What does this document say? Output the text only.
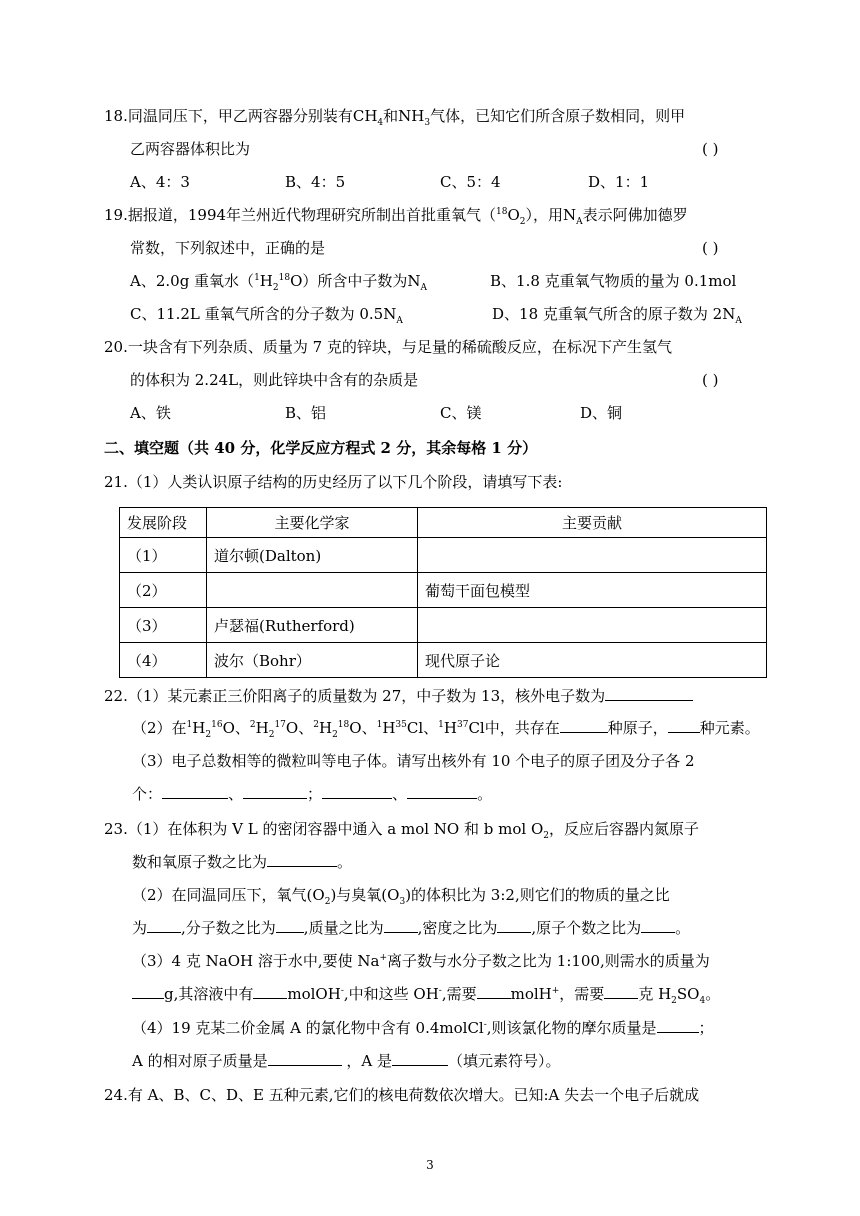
18.同温同压下，甲乙两容器分别装有$CH_4$和$NH_3$气体，已知它们所含原子数相同，则甲
乙两容器体积比为	( )
A、4：3	B、4：5	C、5：4	D、1：1
19.据报道，1994年兰州近代物理研究所制出首批重氧气$(^{18}O_2)$，用$N_A$表示阿佛加德罗
常数，下列叙述中，正确的是	( )
A、2.0g 重氧水$(^1H_2^{18}O)$所含中子数为$N_A$	B、1.8 克重氧气物质的量为 0.1mol
C、11.2L 重氧气所含的分子数为 $0.5N_A$	D、18 克重氧气所含的原子数为 $2N_A$
20.一块含有下列杂质、质量为 7 克的锌块，与足量的稀硫酸反应，在标况下产生氢气
的体积为 2.24L，则此锌块中含有的杂质是	( )
A、铁	B、铝	C、镁	D、铜
二、填空题（共 40 分，化学反应方程式 2 分，其余每格 1 分）
21.（1）人类认识原子结构的历史经历了以下几个阶段，请填写下表:
发展阶段	主要化学家	主要贡献
（1）	道尔顿(Dalton)	
（2）		葡萄干面包模型
（3）	卢瑟福(Rutherford)	
（4）	波尔（Bohr）	现代原子论
22.（1）某元素正三价阳离子的质量数为 27，中子数为 13，核外电子数为
（2）在$^1H_2^{16}O$、$^2H_2^{17}O$、$^2H_2^{18}O$、$^1H^{35}Cl$、$^1H^{37}Cl$中，共存在	种原子， 种元素。
（3）电子总数相等的微粒叫等电子体。请写出核外有 10 个电子的原子团及分子各 2
个：	、	；	、	。
23.（1）在体积为 V L 的密闭容器中通入 a mol NO 和 b mol $O_2$，反应后容器内氮原子
数和氧原子数之比为	。
（2）在同温同压下，氧气$(O_2)$与臭氧$(O_3)$的体积比为 3:2,则它们的物质的量之比
为 ,分子数之比为 ,质量之比为 ,密度之比为 ,原子个数之比为 。
（3）4 克 NaOH 溶于水中,要使 Na+离子数与水分子数之比为 1:100,则需水的质量为
g,其溶液中有 molOH-,中和这些 OH-,需要 molH+，需要 克 $H_2SO_4$。
（4）19 克某二价金属 A 的氯化物中含有 0.4molCl-,则该氯化物的摩尔质量是	；
A 的相对原子质量是	，A 是	（填元素符号）。
24.有 A、B、C、D、E 五种元素,它们的核电荷数依次增大。已知:A 失去一个电子后就成
3
